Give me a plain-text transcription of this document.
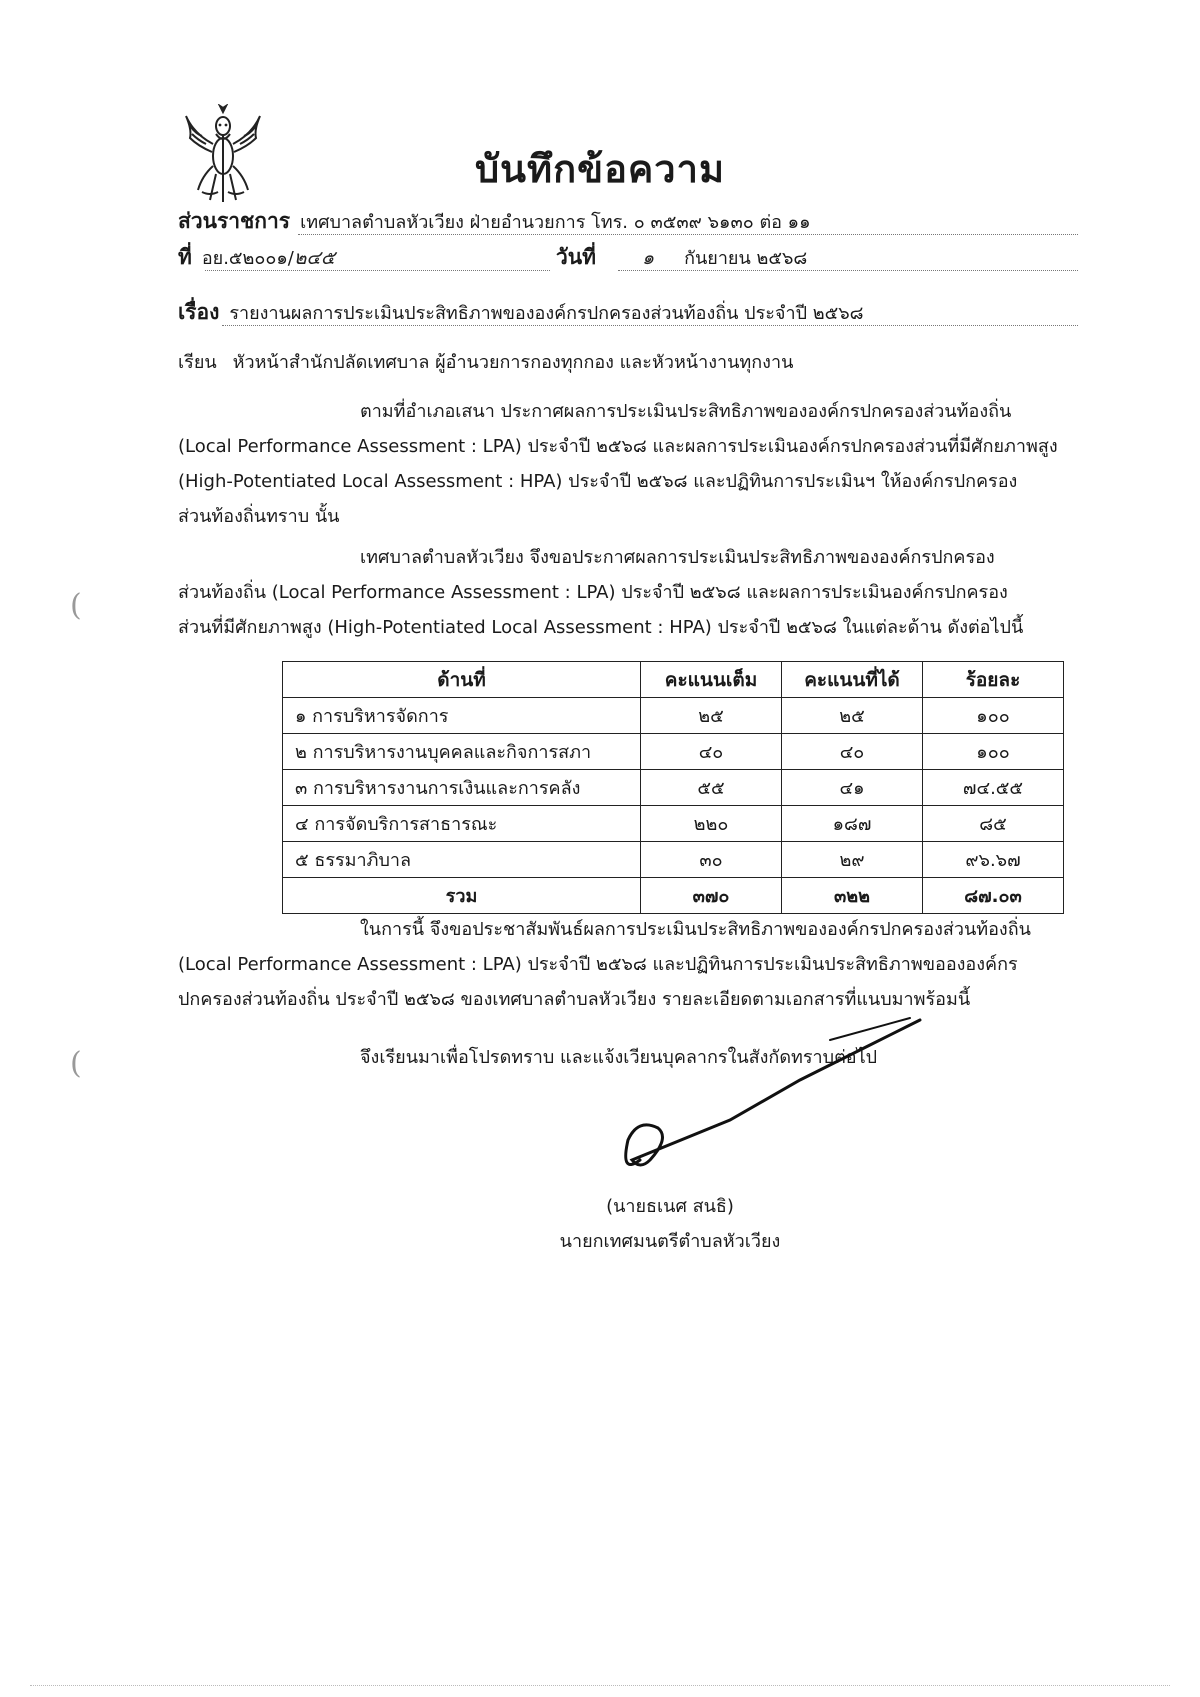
บันทึกข้อความ
ส่วนราชการ เทศบาลตำบลหัวเวียง ฝ่ายอำนวยการ โทร. ๐ ๓๕๓๙ ๖๑๓๐ ต่อ ๑๑
ที่ อย.๕๒๐๐๑/๒๔๕	วันที่ ๑ กันยายน ๒๕๖๘
เรื่อง รายงานผลการประเมินประสิทธิภาพขององค์กรปกครองส่วนท้องถิ่น ประจำปี ๒๕๖๘
เรียน หัวหน้าสำนักปลัดเทศบาล ผู้อำนวยการกองทุกกอง และหัวหน้างานทุกงาน
ตามที่อำเภอเสนา ประกาศผลการประเมินประสิทธิภาพขององค์กรปกครองส่วนท้องถิ่น
(Local Performance Assessment : LPA) ประจำปี ๒๕๖๘ และผลการประเมินองค์กรปกครองส่วนที่มีศักยภาพสูง
(High-Potentiated Local Assessment : HPA) ประจำปี ๒๕๖๘ และปฏิทินการประเมินฯ ให้องค์กรปกครอง
ส่วนท้องถิ่นทราบ นั้น
เทศบาลตำบลหัวเวียง จึงขอประกาศผลการประเมินประสิทธิภาพขององค์กรปกครอง
ส่วนท้องถิ่น (Local Performance Assessment : LPA) ประจำปี ๒๕๖๘ และผลการประเมินองค์กรปกครอง
ส่วนที่มีศักยภาพสูง (High-Potentiated Local Assessment : HPA) ประจำปี ๒๕๖๘ ในแต่ละด้าน ดังต่อไปนี้
ด้านที่	คะแนนเต็ม	คะแนนที่ได้	ร้อยละ
๑ การบริหารจัดการ	๒๕	๒๕	๑๐๐
๒ การบริหารงานบุคคลและกิจการสภา	๔๐	๔๐	๑๐๐
๓ การบริหารงานการเงินและการคลัง	๕๕	๔๑	๗๔.๕๕
๔ การจัดบริการสาธารณะ	๒๒๐	๑๘๗	๘๕
๕ ธรรมาภิบาล	๓๐	๒๙	๙๖.๖๗
รวม	๓๗๐	๓๒๒	๘๗.๐๓
ในการนี้ จึงขอประชาสัมพันธ์ผลการประเมินประสิทธิภาพขององค์กรปกครองส่วนท้องถิ่น
(Local Performance Assessment : LPA) ประจำปี ๒๕๖๘ และปฏิทินการประเมินประสิทธิภาพขอององค์กร
ปกครองส่วนท้องถิ่น ประจำปี ๒๕๖๘ ของเทศบาลตำบลหัวเวียง รายละเอียดตามเอกสารที่แนบมาพร้อมนี้
จึงเรียนมาเพื่อโปรดทราบ และแจ้งเวียนบุคลากรในสังกัดทราบต่อไป
(นายธเนศ สนธิ)
นายกเทศมนตรีตำบลหัวเวียง
(
(
